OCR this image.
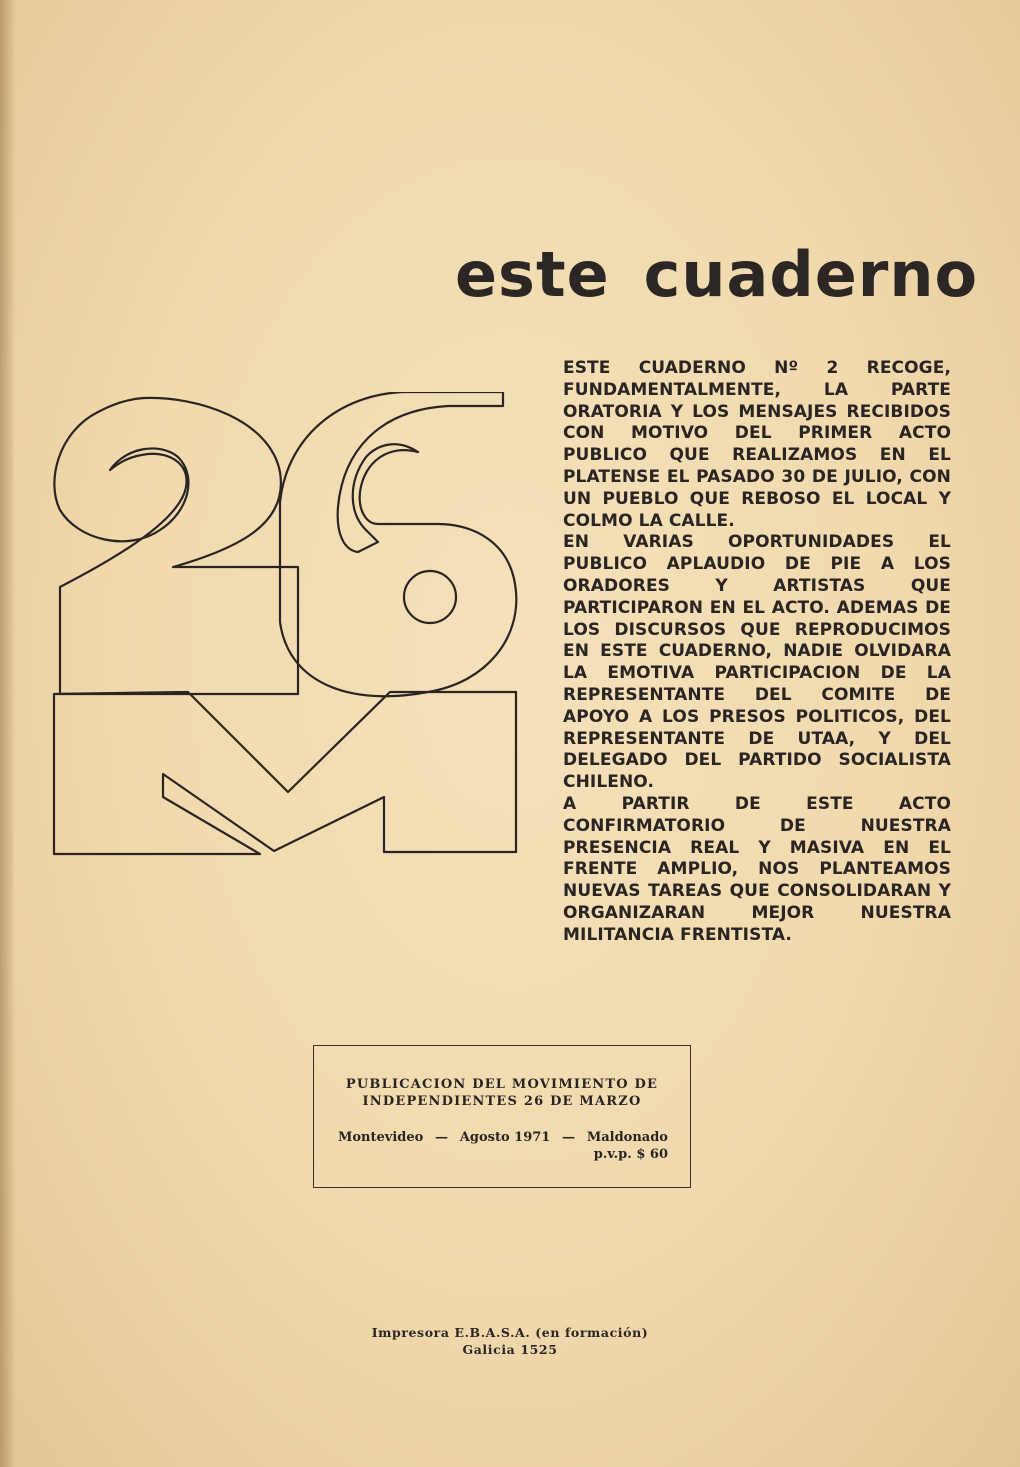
este cuaderno

ESTE CUADERNO Nº 2 RECOGE, FUNDAMENTALMENTE, LA PARTE ORATORIA Y LOS MENSAJES RECIBIDOS CON MOTIVO DEL PRIMER ACTO PUBLICO QUE REALIZAMOS EN EL PLATENSE EL PASADO 30 DE JULIO, CON UN PUEBLO QUE REBOSO EL LOCAL Y COLMO LA CALLE.

EN VARIAS OPORTUNIDADES EL PUBLICO APLAUDIO DE PIE A LOS ORADORES Y ARTISTAS QUE PARTICIPARON EN EL ACTO. ADEMAS DE LOS DISCURSOS QUE REPRODUCIMOS EN ESTE CUADERNO, NADIE OLVIDARA LA EMOTIVA PARTICIPACION DE LA REPRESENTANTE DEL COMITE DE APOYO A LOS PRESOS POLITICOS, DEL REPRESENTANTE DE UTAA, Y DEL DELEGADO DEL PARTIDO SOCIALISTA CHILENO.

A PARTIR DE ESTE ACTO CONFIRMATORIO DE NUESTRA PRESENCIA REAL Y MASIVA EN EL FRENTE AMPLIO, NOS PLANTEAMOS NUEVAS TAREAS QUE CONSOLIDARAN Y ORGANIZARAN MEJOR NUESTRA MILITANCIA FRENTISTA.

PUBLICACION DEL MOVIMIENTO DE

INDEPENDIENTES 26 DE MARZO

Montevideo — Agosto 1971 — Maldonado

p.v.p. $ 60

Impresora E.B.A.S.A. (en formación)

Galicia 1525
